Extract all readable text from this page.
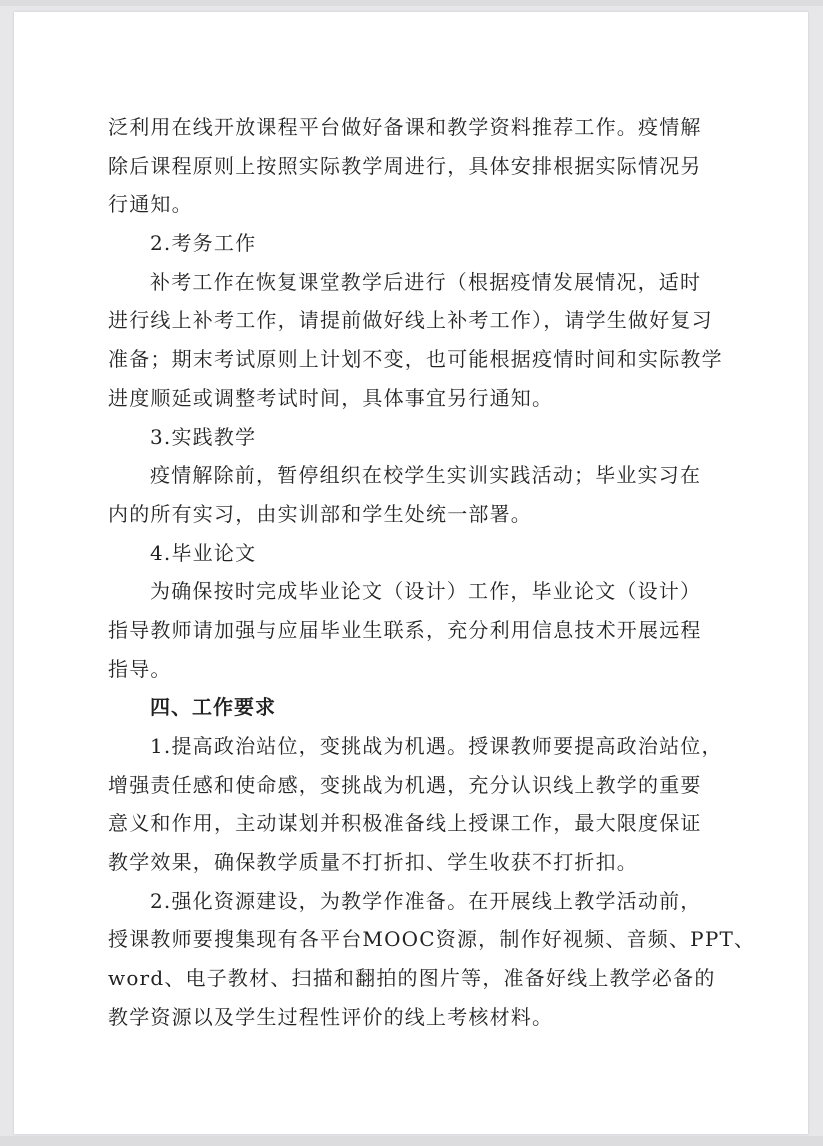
泛利用在线开放课程平台做好备课和教学资料推荐工作。疫情解
除后课程原则上按照实际教学周进行，具体安排根据实际情况另
行通知。
2.考务工作
补考工作在恢复课堂教学后进行（根据疫情发展情况，适时
进行线上补考工作，请提前做好线上补考工作），请学生做好复习
准备；期末考试原则上计划不变，也可能根据疫情时间和实际教学
进度顺延或调整考试时间，具体事宜另行通知。
3.实践教学
疫情解除前，暂停组织在校学生实训实践活动；毕业实习在
内的所有实习，由实训部和学生处统一部署。
4.毕业论文
为确保按时完成毕业论文（设计）工作，毕业论文（设计）
指导教师请加强与应届毕业生联系，充分利用信息技术开展远程
指导。
四、工作要求
1.提高政治站位，变挑战为机遇。授课教师要提高政治站位，
增强责任感和使命感，变挑战为机遇，充分认识线上教学的重要
意义和作用，主动谋划并积极准备线上授课工作，最大限度保证
教学效果，确保教学质量不打折扣、学生收获不打折扣。
2.强化资源建设，为教学作准备。在开展线上教学活动前，
授课教师要搜集现有各平台MOOC资源，制作好视频、音频、PPT、
word、电子教材、扫描和翻拍的图片等，准备好线上教学必备的
教学资源以及学生过程性评价的线上考核材料。
